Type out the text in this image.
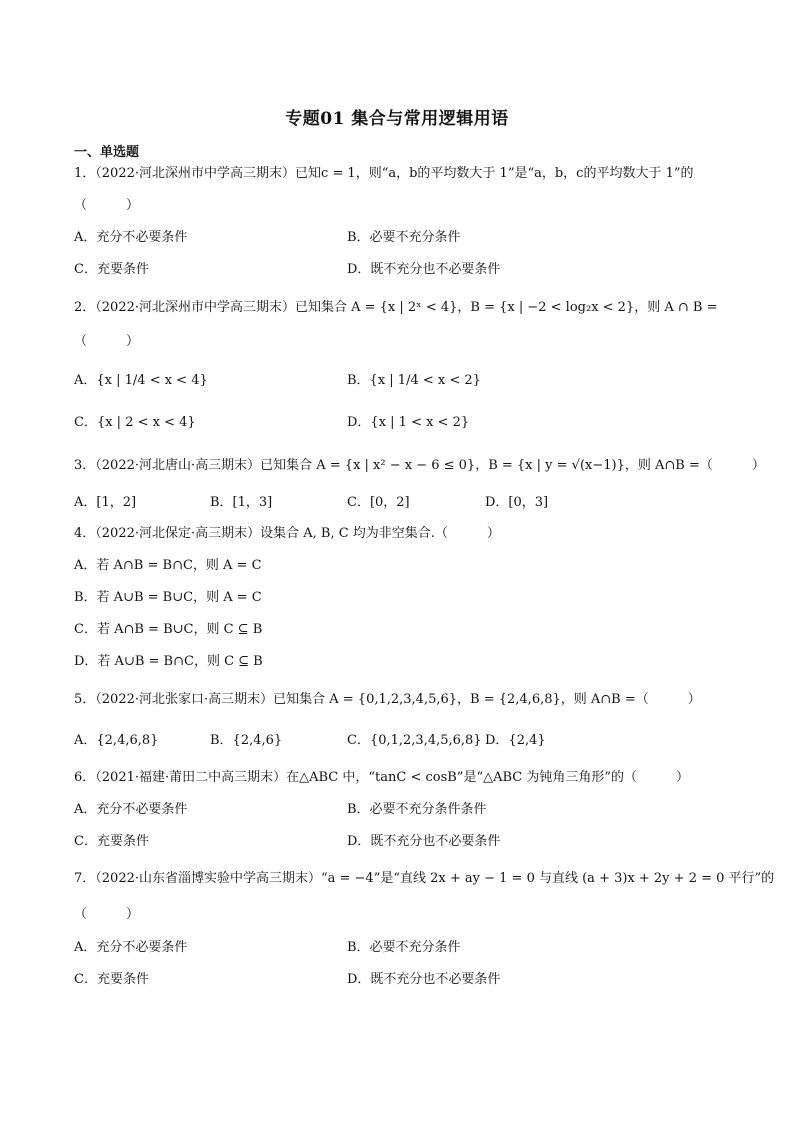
专题01 集合与常用逻辑用语
一、单选题
1．（2022·河北深州市中学高三期末）已知c = 1，则“a，b的平均数大于 1”是“a，b，c的平均数大于 1”的
（　　　）
A．充分不必要条件	B．必要不充分条件
C．充要条件	D．既不充分也不必要条件
2．（2022·河北深州市中学高三期末）已知集合 A = {x | 2ˣ < 4}，B = {x | −2 < log₂x < 2}，则 A ∩ B =
（　　　）
A．{x | 1/4 < x < 4}	B．{x | 1/4 < x < 2}
C．{x | 2 < x < 4}	D．{x | 1 < x < 2}
3．（2022·河北唐山·高三期末）已知集合 A = {x | x² − x − 6 ≤ 0}，B = {x | y = √(x−1)}，则 A∩B =（　　　）
A．[1，2]	B．[1，3]	C．[0，2]	D．[0，3]
4．（2022·河北保定·高三期末）设集合 A, B, C 均为非空集合.（　　　）
A．若 A∩B = B∩C，则 A = C
B．若 A∪B = B∪C，则 A = C
C．若 A∩B = B∪C，则 C ⊆ B
D．若 A∪B = B∩C，则 C ⊆ B
5．（2022·河北张家口·高三期末）已知集合 A = {0,1,2,3,4,5,6}，B = {2,4,6,8}，则 A∩B =（　　　）
A．{2,4,6,8}	B．{2,4,6}	C．{0,1,2,3,4,5,6,8} D．{2,4}
6．（2021·福建·莆田二中高三期末）在△ABC 中，“tanC < cosB”是“△ABC 为钝角三角形”的（　　　）
A．充分不必要条件	B．必要不充分条件条件
C．充要条件	D．既不充分也不必要条件
7．（2022·山东省淄博实验中学高三期末）“a = −4”是“直线 2x + ay − 1 = 0 与直线 (a + 3)x + 2y + 2 = 0 平行”的
（　　　）
A．充分不必要条件	B．必要不充分条件
C．充要条件	D．既不充分也不必要条件
